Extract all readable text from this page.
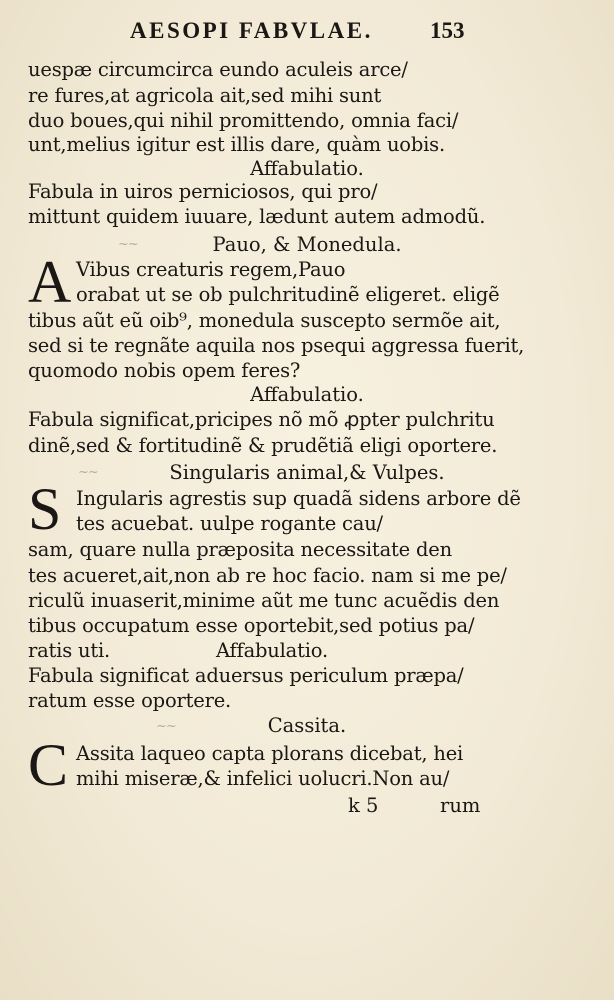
AESOPI FABVLAE. 153
uespæ circumcirca eundo aculeis arce/
re fures,at agricola ait,sed mihi sunt
duo boues,qui nihil promittendo, omnia faci/
unt,melius igitur est illis dare, quàm uobis.
Affabulatio.
Fabula in uiros perniciosos, qui pro/
mittunt quidem iuuare, lædunt autem admodũ.
~~	Pauo, & Monedula.
A Vibus creaturis regem,Pauo
orabat ut se ob pulchritudinẽ eligeret. eligẽ
tibus aũt eũ oib⁹, monedula suscepto sermõe ait,
sed si te regnãte aquila nos psequi aggressa fuerit,
quomodo nobis opem feres?
Affabulatio.
Fabula significat,pricipes nõ mõ ꝓpter pulchritu
dinẽ,sed & fortitudinẽ & prudẽtiã eligi oportere.
~~	Singularis animal,& Vulpes.
S Ingularis agrestis sup quadã sidens arbore dẽ
tes acuebat. uulpe rogante cau/
sam, quare nulla præposita necessitate den
tes acueret,ait,non ab re hoc facio. nam si me pe/
riculũ inuaserit,minime aũt me tunc acuẽdis den
tibus occupatum esse oportebit,sed potius pa/
ratis uti.	Affabulatio.
Fabula significat aduersus periculum præpa/
ratum esse oportere.
~~	Cassita.
C Assita laqueo capta plorans dicebat, hei
mihi miseræ,& infelici uolucri.Non au/
k 5	rum
